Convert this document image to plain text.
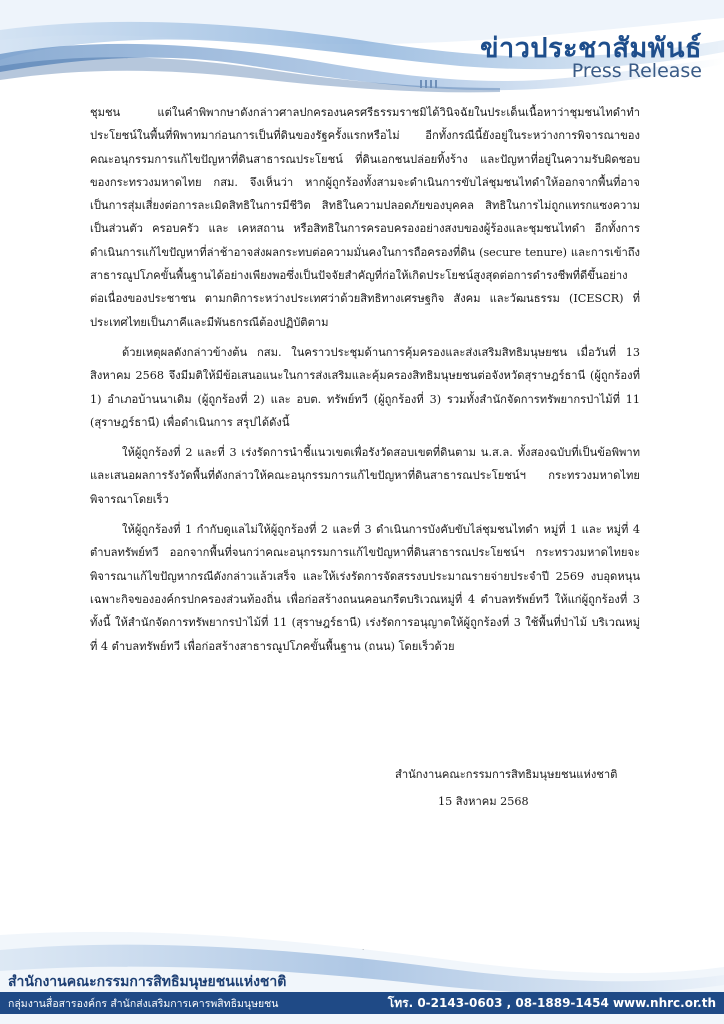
ข่าวประชาสัมพันธ์
Press Release

ชุมชน แต่ในคำพิพากษาดังกล่าวศาลปกครองนครศรีธรรมราชมิได้วินิจฉัยในประเด็นเนื้อหาว่าชุมชนไทดำทำประโยชน์ในพื้นที่พิพาทมาก่อนการเป็นที่ดินของรัฐครั้งแรกหรือไม่ อีกทั้งกรณีนี้ยังอยู่ในระหว่างการพิจารณาของคณะอนุกรรมการแก้ไขปัญหาที่ดินสาธารณประโยชน์ ที่ดินเอกชนปล่อยทิ้งร้าง และปัญหาที่อยู่ในความรับผิดชอบของกระทรวงมหาดไทย กสม. จึงเห็นว่า หากผู้ถูกร้องทั้งสามจะดำเนินการขับไล่ชุมชนไทดำให้ออกจากพื้นที่อาจเป็นการสุ่มเสี่ยงต่อการละเมิดสิทธิในการมีชีวิต สิทธิในความปลอดภัยของบุคคล สิทธิในการไม่ถูกแทรกแซงความเป็นส่วนตัว ครอบครัว และ เคหสถาน หรือสิทธิในการครอบครองอย่างสงบของผู้ร้องและชุมชนไทดำ อีกทั้งการดำเนินการแก้ไขปัญหาที่ล่าช้าอาจส่งผลกระทบต่อความมั่นคงในการถือครองที่ดิน (secure tenure) และการเข้าถึงสาธารณูปโภคขั้นพื้นฐานได้อย่างเพียงพอซึ่งเป็นปัจจัยสำคัญที่ก่อให้เกิดประโยชน์สูงสุดต่อการดำรงชีพที่ดีขึ้นอย่างต่อเนื่องของประชาชน ตามกติการะหว่างประเทศว่าด้วยสิทธิทางเศรษฐกิจ สังคม และวัฒนธรรม (ICESCR) ที่ประเทศไทยเป็นภาคีและมีพันธกรณีต้องปฏิบัติตาม

ด้วยเหตุผลดังกล่าวข้างต้น กสม. ในคราวประชุมด้านการคุ้มครองและส่งเสริมสิทธิมนุษยชน เมื่อวันที่ 13 สิงหาคม 2568 จึงมีมติให้มีข้อเสนอแนะในการส่งเสริมและคุ้มครองสิทธิมนุษยชนต่อจังหวัดสุราษฎร์ธานี (ผู้ถูกร้องที่ 1) อำเภอบ้านนาเดิม (ผู้ถูกร้องที่ 2) และ อบต. ทรัพย์ทวี (ผู้ถูกร้องที่ 3) รวมทั้งสำนักจัดการทรัพยากรป่าไม้ที่ 11 (สุราษฎร์ธานี) เพื่อดำเนินการ สรุปได้ดังนี้

ให้ผู้ถูกร้องที่ 2 และที่ 3 เร่งรัดการนำชี้แนวเขตเพื่อรังวัดสอบเขตที่ดินตาม น.ส.ล. ทั้งสองฉบับที่เป็นข้อพิพาท และเสนอผลการรังวัดพื้นที่ดังกล่าวให้คณะอนุกรรมการแก้ไขปัญหาที่ดินสาธารณประโยชน์ฯ กระทรวงมหาดไทยพิจารณาโดยเร็ว

ให้ผู้ถูกร้องที่ 1 กำกับดูแลไม่ให้ผู้ถูกร้องที่ 2 และที่ 3 ดำเนินการบังคับขับไล่ชุมชนไทดำ หมู่ที่ 1 และ หมู่ที่ 4 ตำบลทรัพย์ทวี ออกจากพื้นที่จนกว่าคณะอนุกรรมการแก้ไขปัญหาที่ดินสาธารณประโยชน์ฯ กระทรวงมหาดไทยจะพิจารณาแก้ไขปัญหากรณีดังกล่าวแล้วเสร็จ และให้เร่งรัดการจัดสรรงบประมาณรายจ่ายประจำปี 2569 งบอุดหนุนเฉพาะกิจขององค์กรปกครองส่วนท้องถิ่น เพื่อก่อสร้างถนนคอนกรีตบริเวณหมู่ที่ 4 ตำบลทรัพย์ทวี ให้แก่ผู้ถูกร้องที่ 3 ทั้งนี้ ให้สำนักจัดการทรัพยากรป่าไม้ที่ 11 (สุราษฎร์ธานี) เร่งรัดการอนุญาตให้ผู้ถูกร้องที่ 3 ใช้พื้นที่ป่าไม้ บริเวณหมู่ที่ 4 ตำบลทรัพย์ทวี เพื่อก่อสร้างสาธารณูปโภคขั้นพื้นฐาน (ถนน) โดยเร็วด้วย

สำนักงานคณะกรรมการสิทธิมนุษยชนแห่งชาติ
15 สิงหาคม 2568
สำนักงานคณะกรรมการสิทธิมนุษยชนแห่งชาติ
กลุ่มงานสื่อสารองค์กร สำนักส่งเสริมการเคารพสิทธิมนุษยชน	โทร. 0-2143-0603 , 08-1889-1454 www.nhrc.or.th
